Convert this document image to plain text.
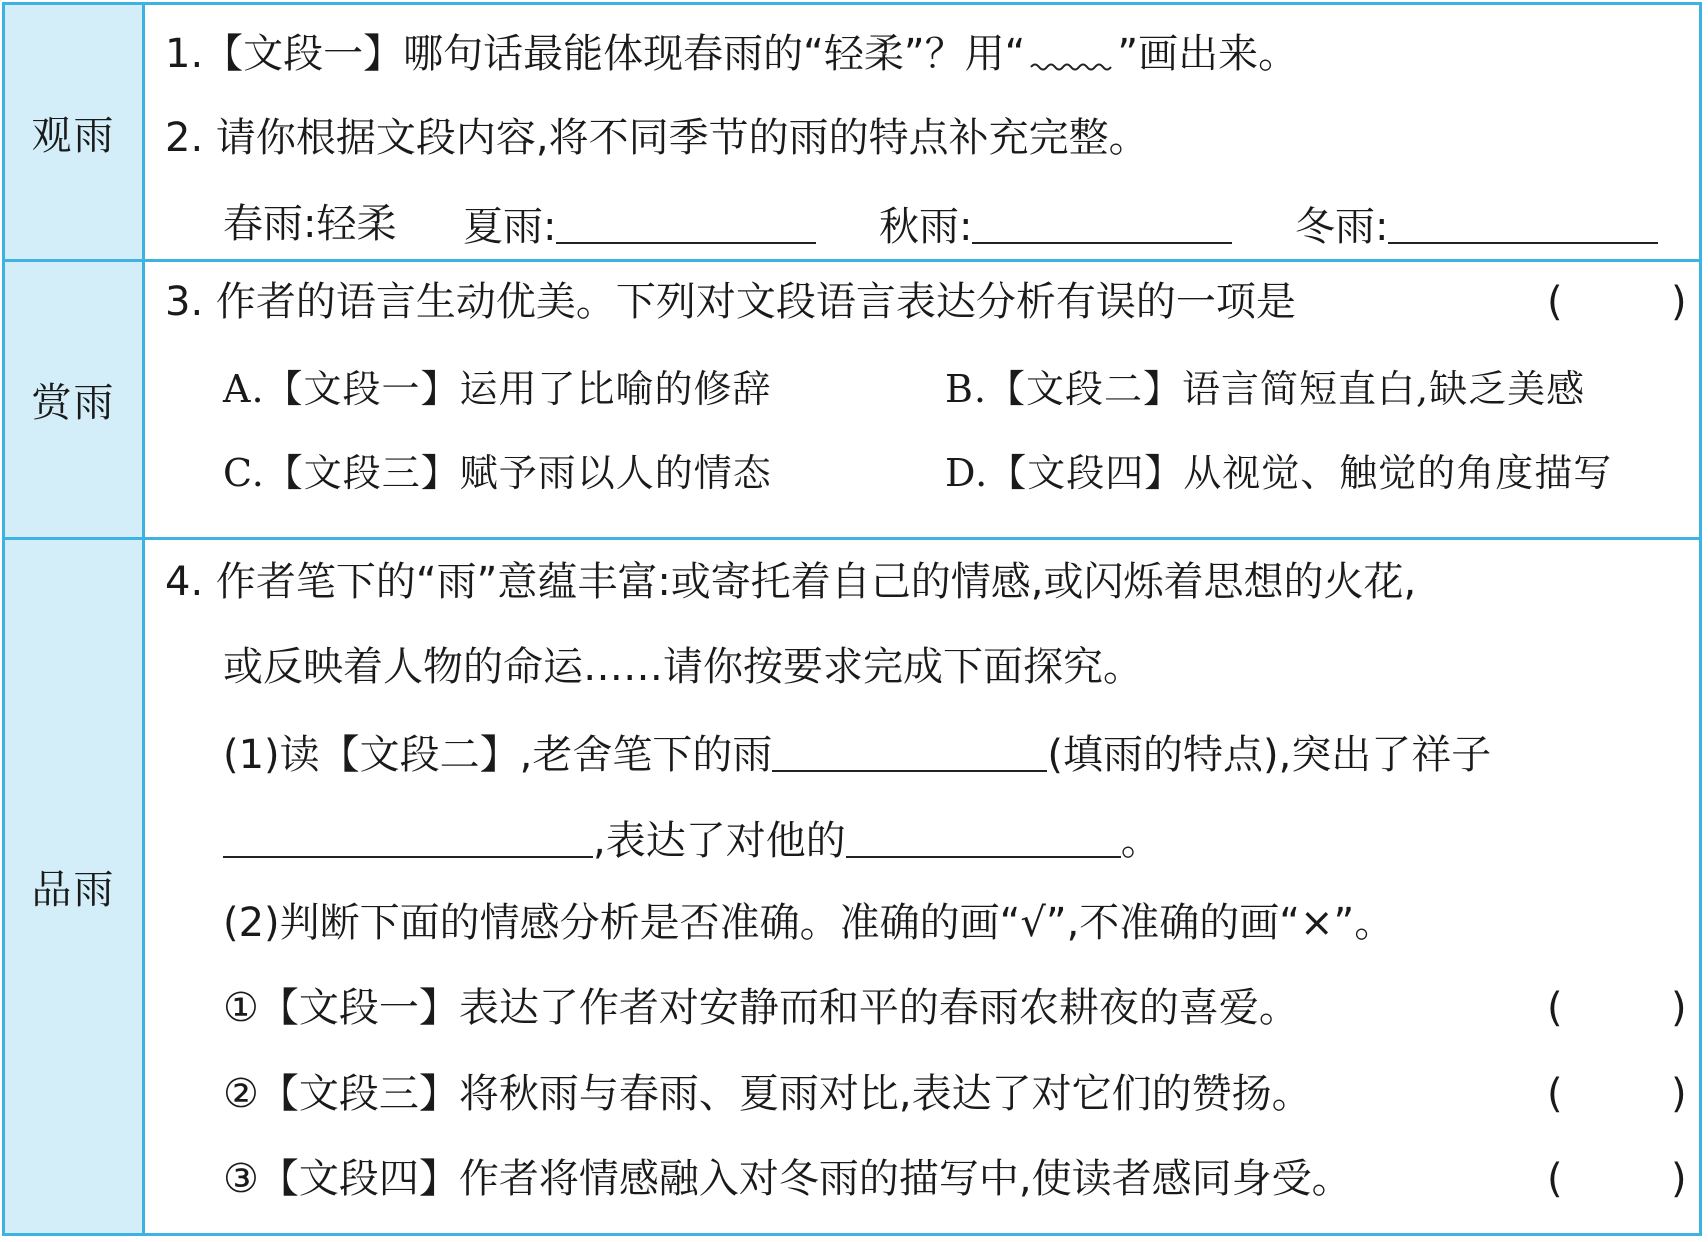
观雨
1.【文段一】哪句话最能体现春雨的“轻柔”？用“ ”画出来。
2. 请你根据文段内容,将不同季节的雨的特点补充完整。
春雨:轻柔 夏雨:	秋雨:	冬雨:
赏雨
3. 作者的语言生动优美。下列对文段语言表达分析有误的一项是	(	)
A.【文段一】运用了比喻的修辞	B.【文段二】语言简短直白,缺乏美感
C.【文段三】赋予雨以人的情态	D.【文段四】从视觉、触觉的角度描写
品雨
4. 作者笔下的“雨”意蕴丰富:或寄托着自己的情感,或闪烁着思想的火花,
或反映着人物的命运……请你按要求完成下面探究。
(1)读【文段二】,老舍笔下的雨	(填雨的特点),突出了祥子
,表达了对他的	。
(2)判断下面的情感分析是否准确。准确的画“√”,不准确的画“×”。
①【文段一】表达了作者对安静而和平的春雨农耕夜的喜爱。	(	)
②【文段三】将秋雨与春雨、夏雨对比,表达了对它们的赞扬。	(	)
③【文段四】作者将情感融入对冬雨的描写中,使读者感同身受。	(	)
